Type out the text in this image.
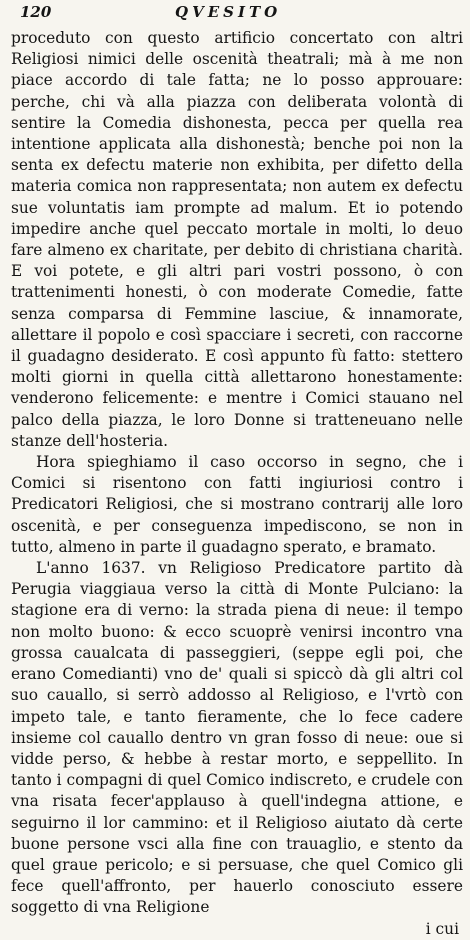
120	QVESITO

proceduto con questo artificio concertato con altri Religiosi nimici delle oscenità theatrali; mà à me non piace accordo di tale fatta; ne lo posso approuare: perche, chi và alla piazza con deliberata volontà di sentire la Comedia dishonesta, pecca per quella rea intentione applicata alla dishonestà; benche poi non la senta ex defectu materie non exhibita, per difetto della materia comica non rappresentata; non autem ex defectu sue voluntatis iam prompte ad malum. Et io potendo impedire anche quel peccato mortale in molti, lo deuo fare almeno ex charitate, per debito di christiana charità. E voi potete, e gli altri pari vostri possono, ò con trattenimenti honesti, ò con moderate Comedie, fatte senza comparsa di Femmine lasciue, & innamorate, allettare il popolo e così spacciare i secreti, con raccorne il guadagno desiderato. E così appunto fù fatto: stettero molti giorni in quella città allettarono honestamente: venderono felicemente: e mentre i Comici stauano nel palco della piazza, le loro Donne si tratteneuano nelle stanze dell'hosteria.

Hora spieghiamo il caso occorso in segno, che i Comici si risentono con fatti ingiuriosi contro i Predicatori Religiosi, che si mostrano contrarij alle loro oscenità, e per conseguenza impediscono, se non in tutto, almeno in parte il guadagno sperato, e bramato.

L'anno 1637. vn Religioso Predicatore partito dà Perugia viaggiaua verso la città di Monte Pulciano: la stagione era di verno: la strada piena di neue: il tempo non molto buono: & ecco scuoprè venirsi incontro vna grossa caualcata di passeggieri, (seppe egli poi, che erano Comedianti) vno de' quali si spiccò dà gli altri col suo cauallo, si serrò addosso al Religioso, e l'vrtò con impeto tale, e tanto fieramente, che lo fece cadere insieme col cauallo dentro vn gran fosso di neue: oue si vidde perso, & hebbe à restar morto, e seppellito. In tanto i compagni di quel Comico indiscreto, e crudele con vna risata fecer'applauso à quell'indegna attione, e seguirno il lor cammino: et il Religioso aiutato dà certe buone persone vsci alla fine con trauaglio, e stento da quel graue pericolo; e si persuase, che quel Comico gli fece quell'affronto, per hauerlo conosciuto essere soggetto di vna Religione

i cui
